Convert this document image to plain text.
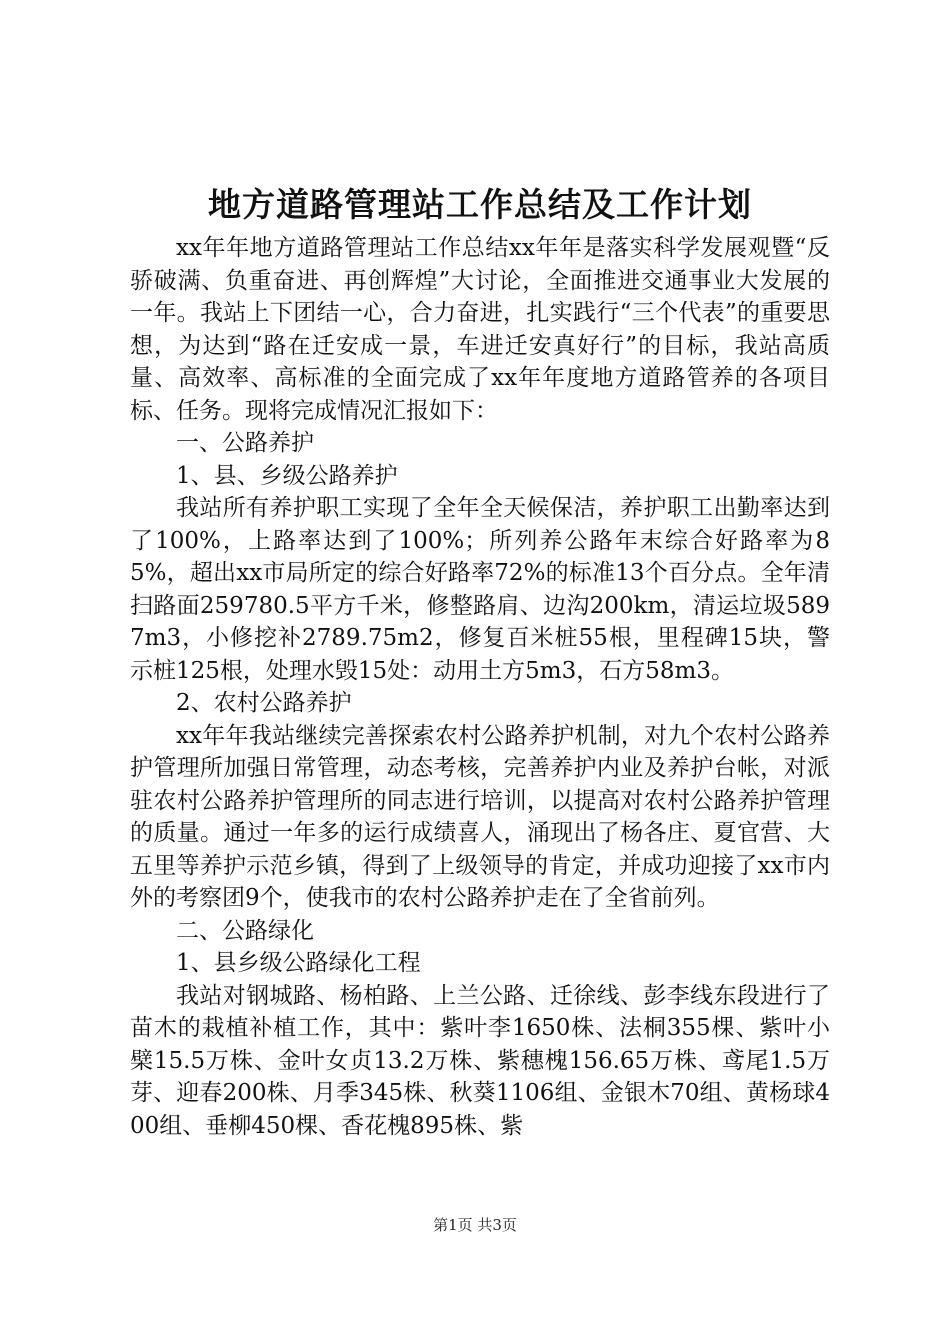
地方道路管理站工作总结及工作计划

xx年年地方道路管理站工作总结xx年年是落实科学发展观暨“反骄破满、负重奋进、再创辉煌”大讨论，全面推进交通事业大发展的一年。我站上下团结一心，合力奋进，扎实践行“三个代表”的重要思想，为达到“路在迁安成一景，车进迁安真好行”的目标，我站高质量、高效率、高标准的全面完成了xx年年度地方道路管养的各项目标、任务。现将完成情况汇报如下：

一、公路养护

1、县、乡级公路养护

我站所有养护职工实现了全年全天候保洁，养护职工出勤率达到了100%，上路率达到了100%；所列养公路年末综合好路率为85%，超出xx市局所定的综合好路率72%的标准13个百分点。全年清扫路面259780.5平方千米，修整路肩、边沟200km，清运垃圾5897m3，小修挖补2789.75m2，修复百米桩55根，里程碑15块，警示桩125根，处理水毁15处：动用土方5m3，石方58m3。

2、农村公路养护

xx年年我站继续完善探索农村公路养护机制，对九个农村公路养护管理所加强日常管理，动态考核，完善养护内业及养护台帐，对派驻农村公路养护管理所的同志进行培训，以提高对农村公路养护管理的质量。通过一年多的运行成绩喜人，涌现出了杨各庄、夏官营、大五里等养护示范乡镇，得到了上级领导的肯定，并成功迎接了xx市内外的考察团9个，使我市的农村公路养护走在了全省前列。

二、公路绿化

1、县乡级公路绿化工程

我站对钢城路、杨柏路、上兰公路、迁徐线、彭李线东段进行了苗木的栽植补植工作，其中：紫叶李1650株、法桐355棵、紫叶小檗15.5万株、金叶女贞13.2万株、紫穗槐156.65万株、鸢尾1.5万芽、迎春200株、月季345株、秋葵1106组、金银木70组、黄杨球400组、垂柳450棵、香花槐895株、紫

第1页 共3页
